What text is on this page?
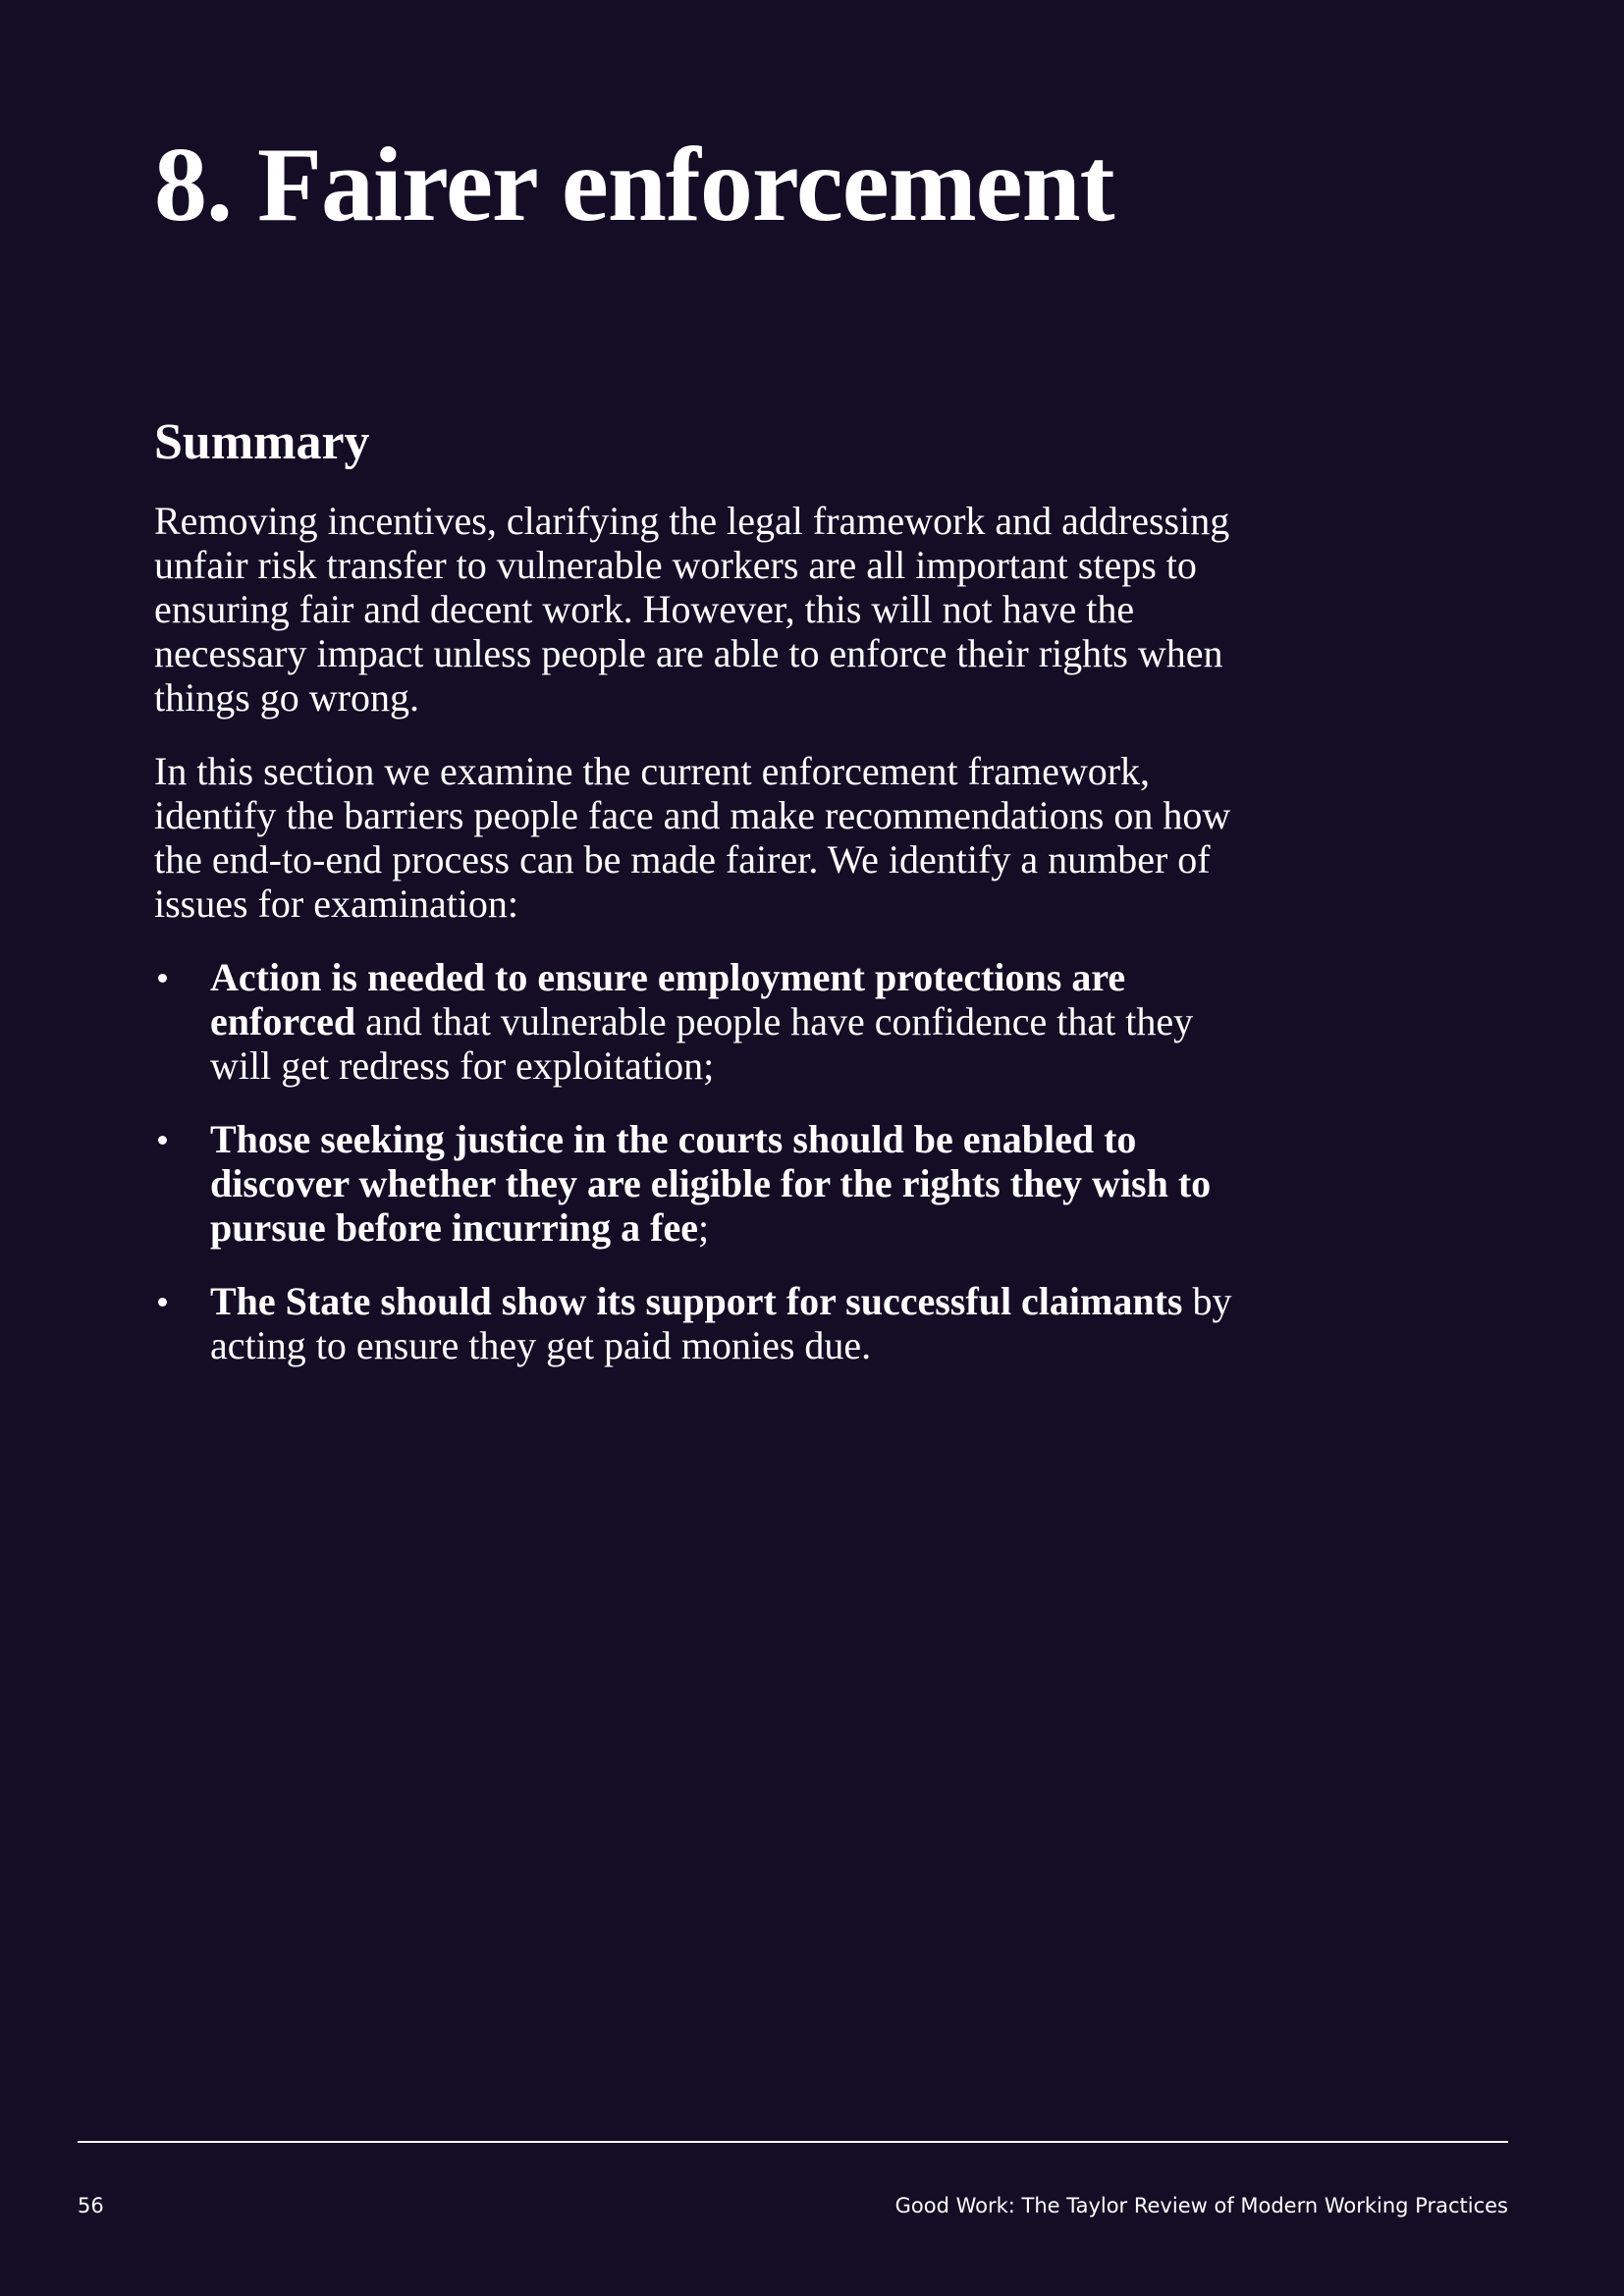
8. Fairer enforcement
Summary

Removing incentives, clarifying the legal framework and addressing unfair risk transfer to vulnerable workers are all important steps to ensuring fair and decent work. However, this will not have the necessary impact unless people are able to enforce their rights when things go wrong.

In this section we examine the current enforcement framework, identify the barriers people face and make recommendations on how the end-to-end process can be made fairer. We identify a number of issues for examination:

Action is needed to ensure employment protections are enforced and that vulnerable people have confidence that they will get redress for exploitation;
Those seeking justice in the courts should be enabled to discover whether they are eligible for the rights they wish to pursue before incurring a fee;
The State should show its support for successful claimants by acting to ensure they get paid monies due.
56	Good Work: The Taylor Review of Modern Working Practices
